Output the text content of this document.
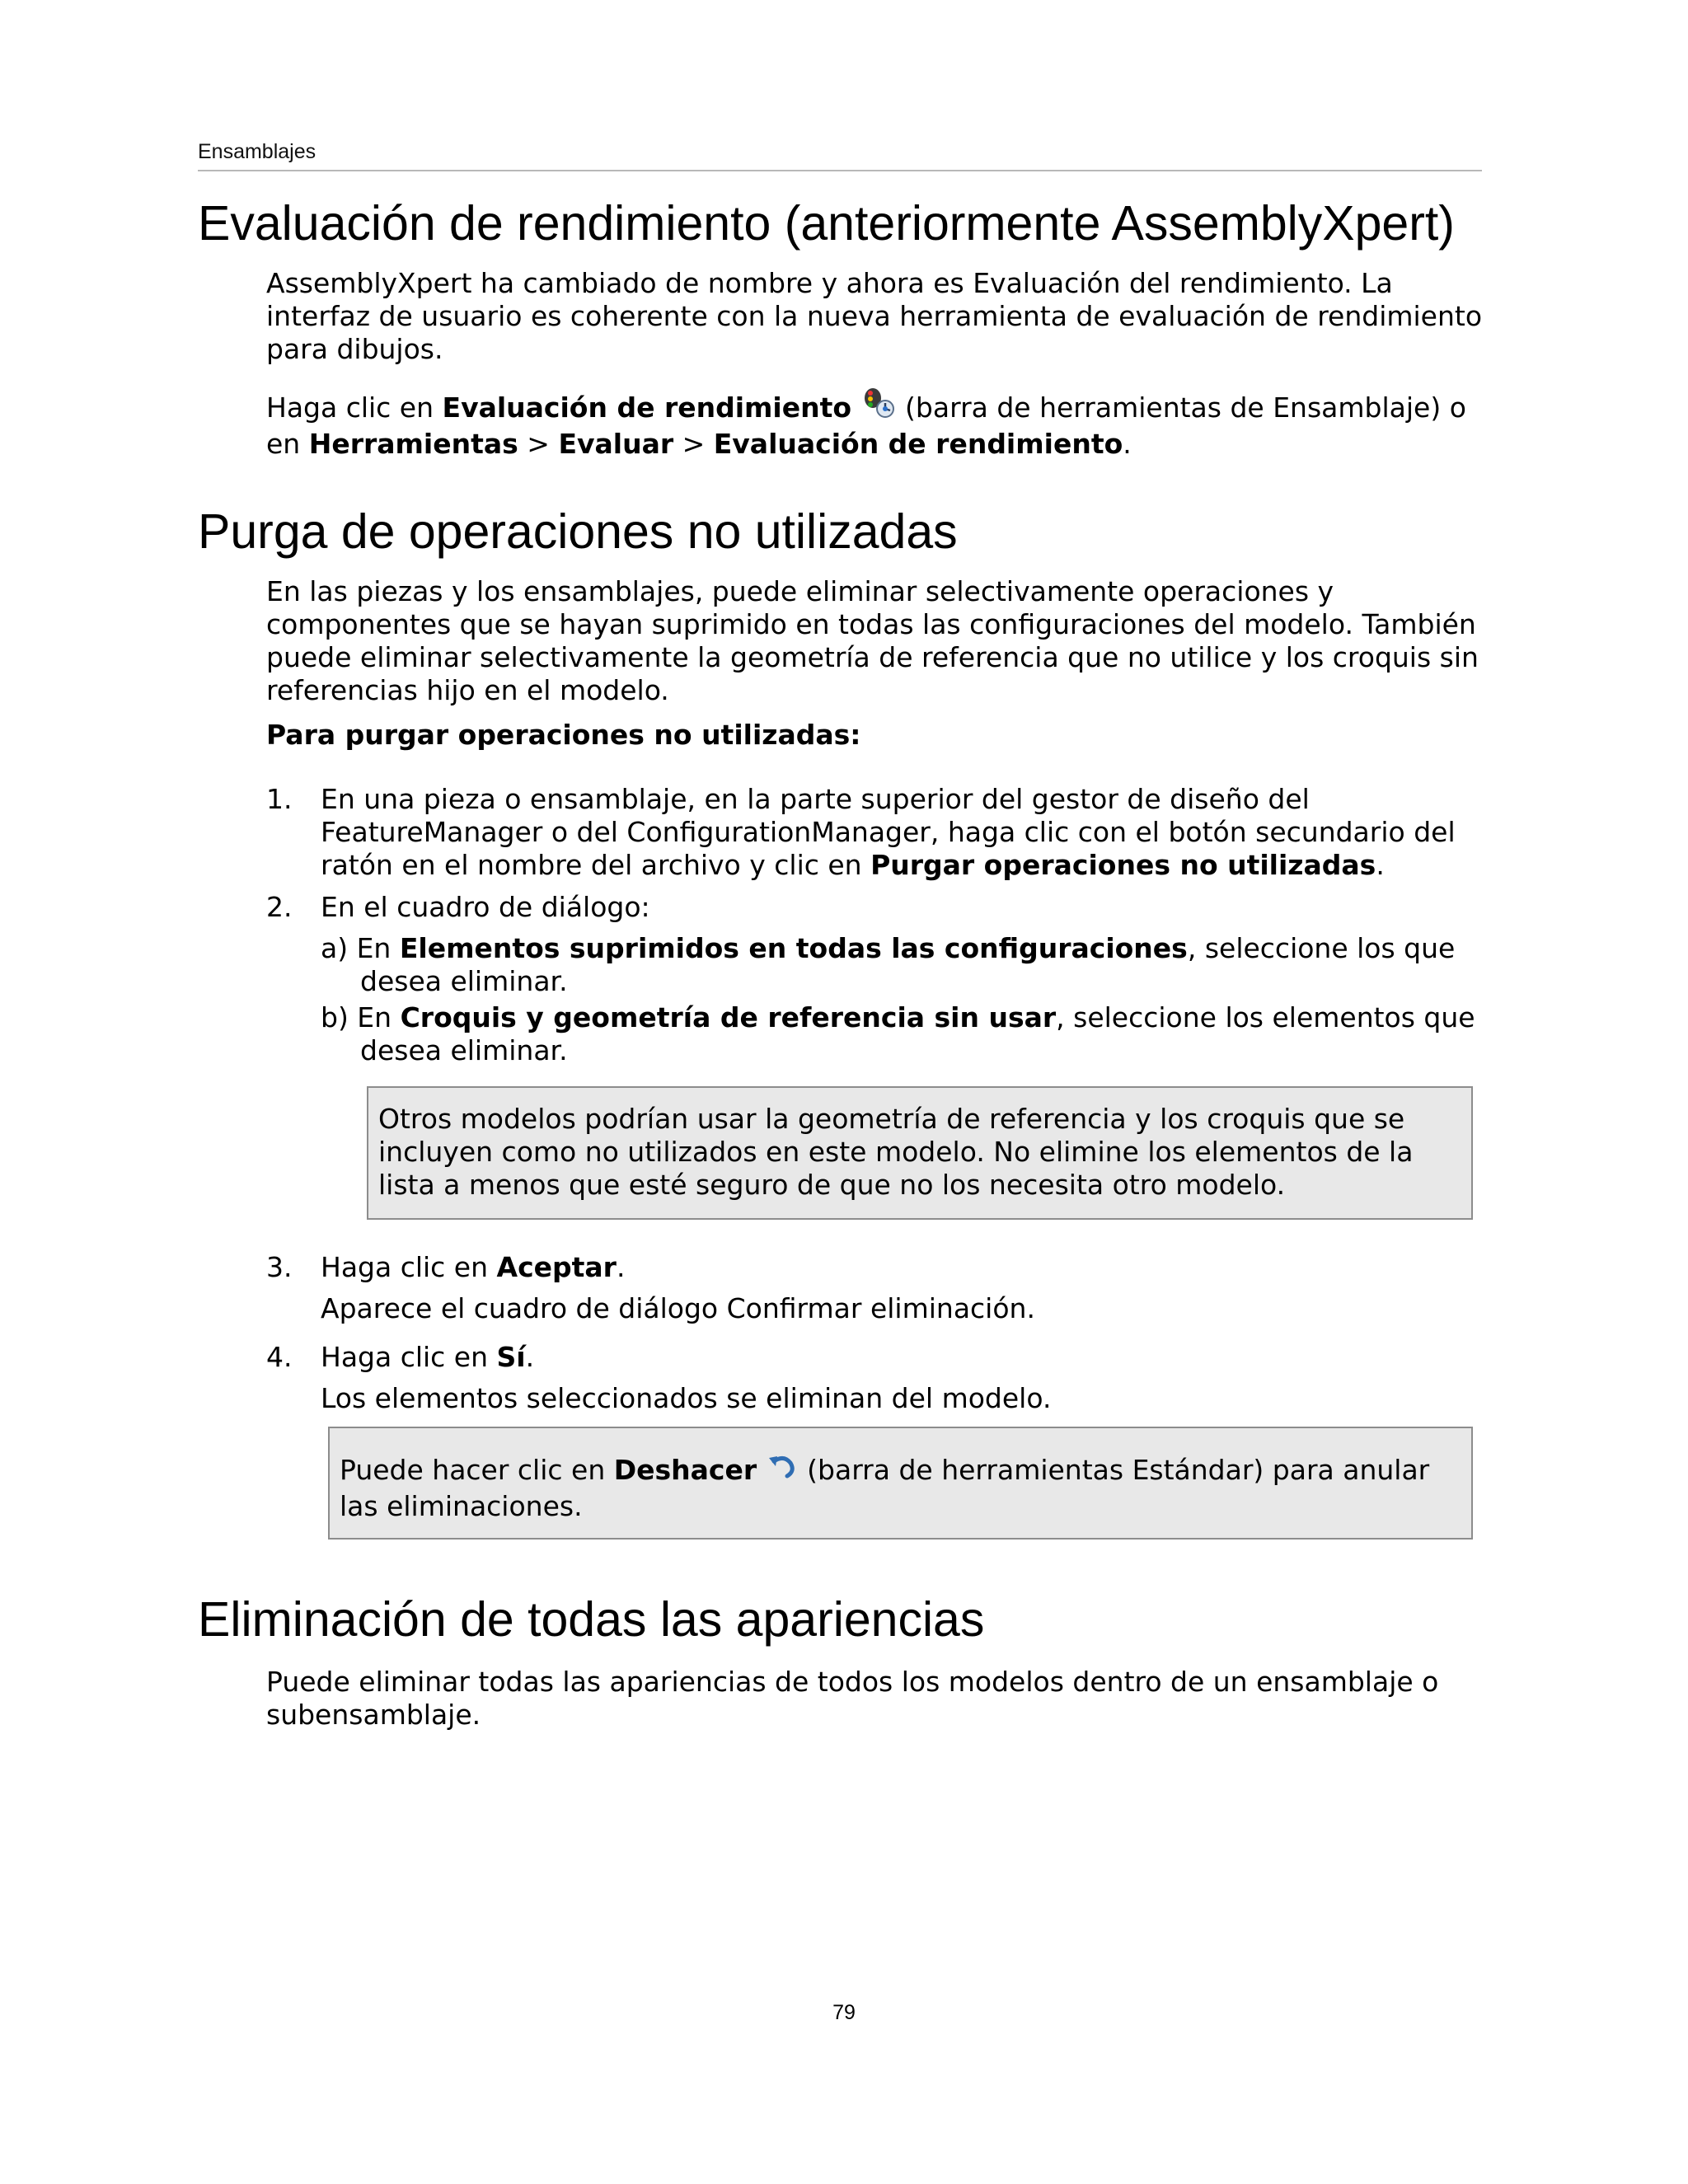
Ensamblajes
Evaluación de rendimiento (anteriormente AssemblyXpert)

AssemblyXpert ha cambiado de nombre y ahora es Evaluación del rendimiento. La interfaz de usuario es coherente con la nueva herramienta de evaluación de rendimiento para dibujos.

Haga clic en Evaluación de rendimiento  (barra de herramientas de Ensamblaje) o en Herramientas > Evaluar > Evaluación de rendimiento.

Purga de operaciones no utilizadas

En las piezas y los ensamblajes, puede eliminar selectivamente operaciones y componentes que se hayan suprimido en todas las configuraciones del modelo. También puede eliminar selectivamente la geometría de referencia que no utilice y los croquis sin referencias hijo en el modelo.

Para purgar operaciones no utilizadas:

1. En una pieza o ensamblaje, en la parte superior del gestor de diseño del FeatureManager o del ConfigurationManager, haga clic con el botón secundario del ratón en el nombre del archivo y clic en Purgar operaciones no utilizadas.
2. En el cuadro de diálogo:
a) En Elementos suprimidos en todas las configuraciones, seleccione los que desea eliminar.
b) En Croquis y geometría de referencia sin usar, seleccione los elementos que desea eliminar.
Otros modelos podrían usar la geometría de referencia y los croquis que se incluyen como no utilizados en este modelo. No elimine los elementos de la lista a menos que esté seguro de que no los necesita otro modelo.
3. Haga clic en Aceptar.
Aparece el cuadro de diálogo Confirmar eliminación.
4. Haga clic en Sí.
Los elementos seleccionados se eliminan del modelo.
Puede hacer clic en Deshacer  (barra de herramientas Estándar) para anular las eliminaciones.
Eliminación de todas las apariencias

Puede eliminar todas las apariencias de todos los modelos dentro de un ensamblaje o subensamblaje.

79
